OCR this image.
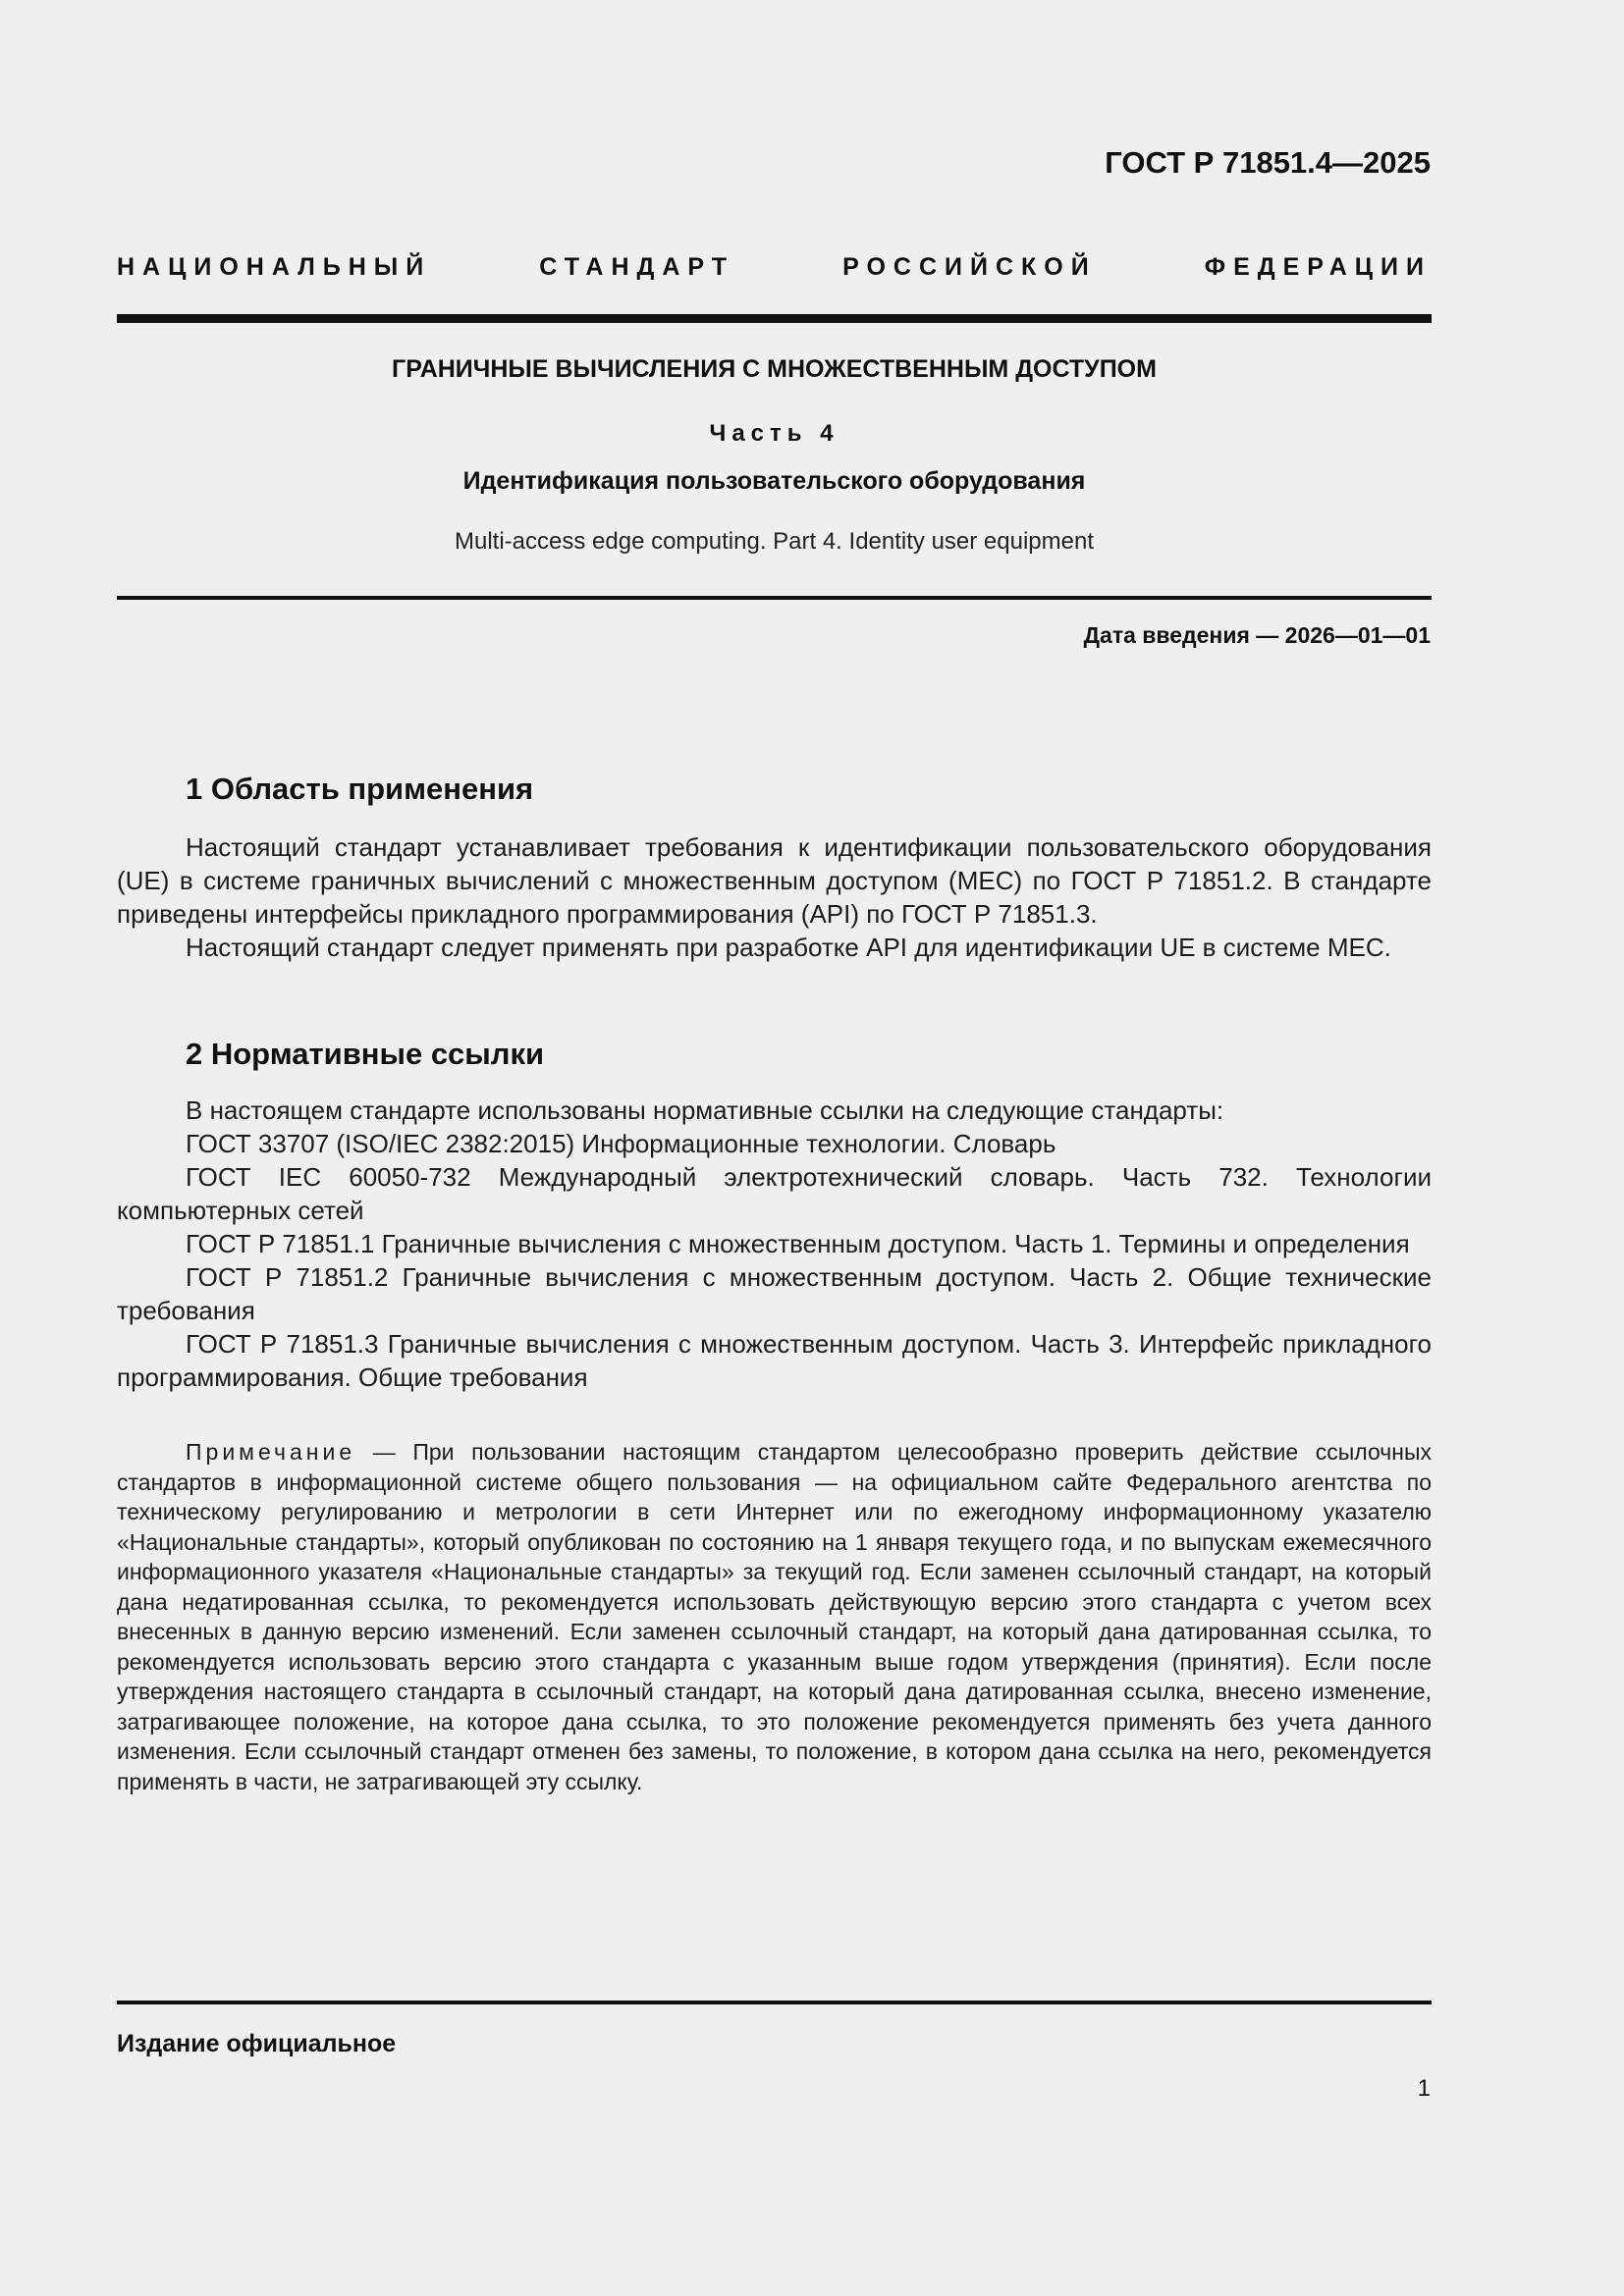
ГОСТ Р 71851.4—2025
НАЦИОНАЛЬНЫЙ СТАНДАРТ РОССИЙСКОЙ ФЕДЕРАЦИИ
ГРАНИЧНЫЕ ВЫЧИСЛЕНИЯ С МНОЖЕСТВЕННЫМ ДОСТУПОМ
Часть 4
Идентификация пользовательского оборудования
Multi-access edge computing. Part 4. Identity user equipment
Дата введения — 2026—01—01
1 Область применения

Настоящий стандарт устанавливает требования к идентификации пользовательского оборудования (UE) в системе граничных вычислений с множественным доступом (MEC) по ГОСТ Р 71851.2. В стандарте приведены интерфейсы прикладного программирования (API) по ГОСТ Р 71851.3.

Настоящий стандарт следует применять при разработке API для идентификации UE в системе MEC.

2 Нормативные ссылки

В настоящем стандарте использованы нормативные ссылки на следующие стандарты:

ГОСТ 33707 (ISO/IEC 2382:2015) Информационные технологии. Словарь

ГОСТ IEC 60050-732 Международный электротехнический словарь. Часть 732. Технологии компьютерных сетей

ГОСТ Р 71851.1 Граничные вычисления с множественным доступом. Часть 1. Термины и определения

ГОСТ Р 71851.2 Граничные вычисления с множественным доступом. Часть 2. Общие технические требования

ГОСТ Р 71851.3 Граничные вычисления с множественным доступом. Часть 3. Интерфейс прикладного программирования. Общие требования

Примечание — При пользовании настоящим стандартом целесообразно проверить действие ссылочных стандартов в информационной системе общего пользования — на официальном сайте Федерального агентства по техническому регулированию и метрологии в сети Интернет или по ежегодному информационному указателю «Национальные стандарты», который опубликован по состоянию на 1 января текущего года, и по выпускам ежемесячного информационного указателя «Национальные стандарты» за текущий год. Если заменен ссылочный стандарт, на который дана недатированная ссылка, то рекомендуется использовать действующую версию этого стандарта с учетом всех внесенных в данную версию изменений. Если заменен ссылочный стандарт, на который дана датированная ссылка, то рекомендуется использовать версию этого стандарта с указанным выше годом утверждения (принятия). Если после утверждения настоящего стандарта в ссылочный стандарт, на который дана датированная ссылка, внесено изменение, затрагивающее положение, на которое дана ссылка, то это положение рекомендуется применять без учета данного изменения. Если ссылочный стандарт отменен без замены, то положение, в котором дана ссылка на него, рекомендуется применять в части, не затрагивающей эту ссылку.

Издание официальное
1
